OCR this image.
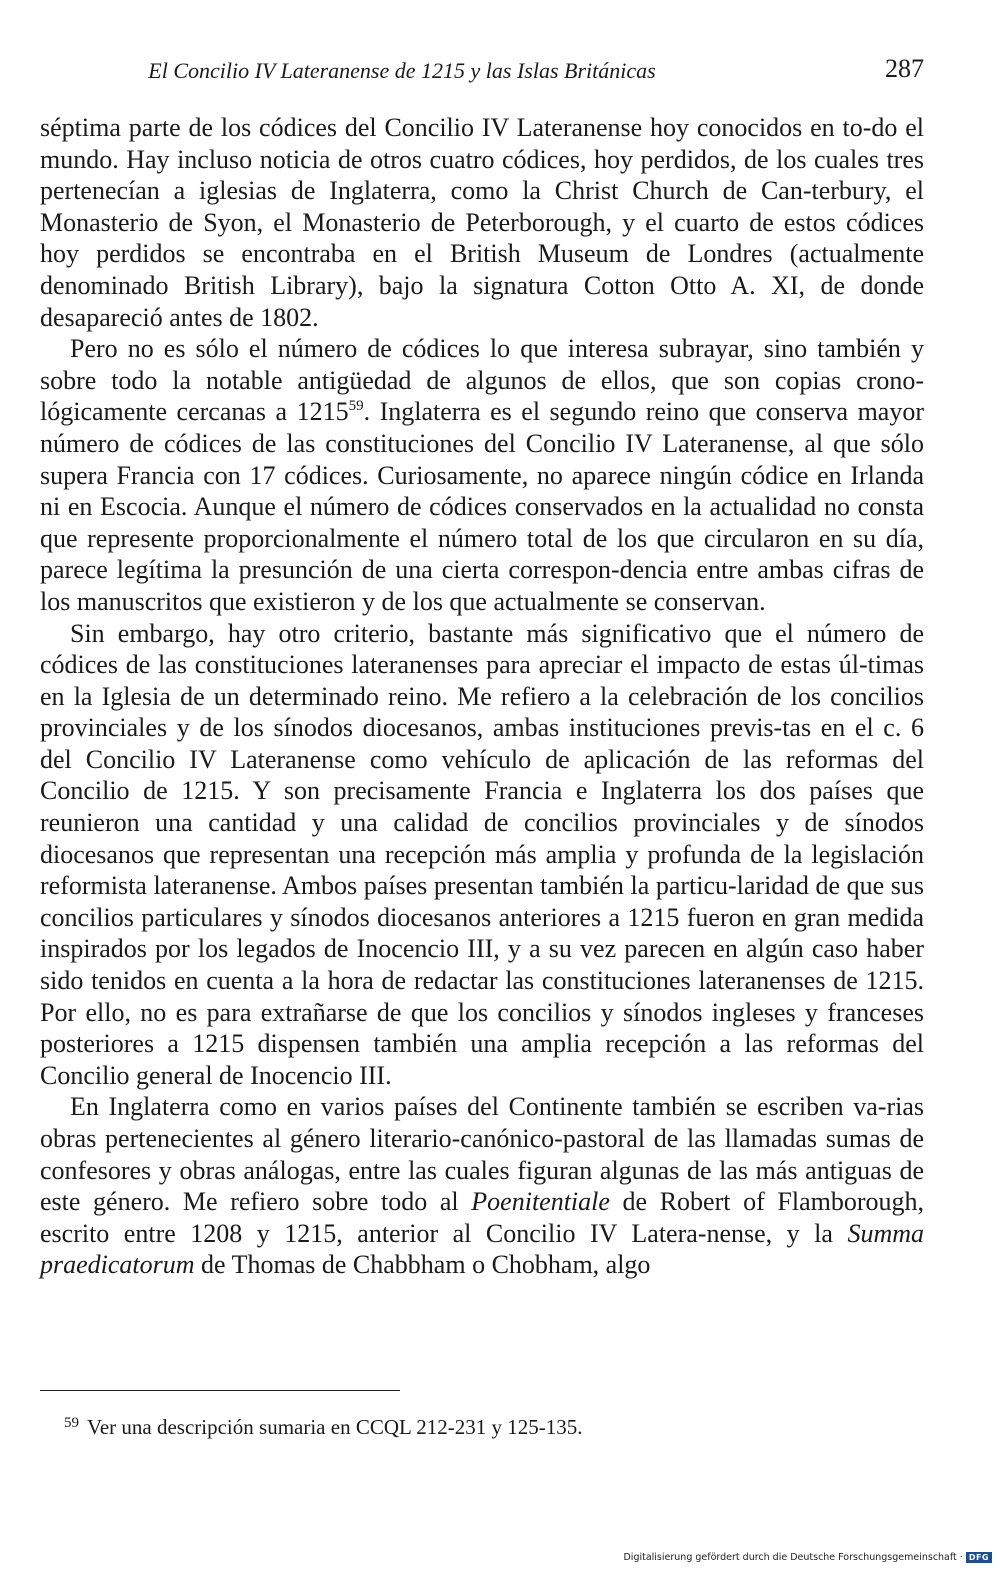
El Concilio IV Lateranense de 1215 y las Islas Británicas	287

séptima parte de los códices del Concilio IV Lateranense hoy conocidos en to-do el mundo. Hay incluso noticia de otros cuatro códices, hoy perdidos, de los cuales tres pertenecían a iglesias de Inglaterra, como la Christ Church de Can-terbury, el Monasterio de Syon, el Monasterio de Peterborough, y el cuarto de estos códices hoy perdidos se encontraba en el British Museum de Londres (actualmente denominado British Library), bajo la signatura Cotton Otto A. XI, de donde desapareció antes de 1802.

Pero no es sólo el número de códices lo que interesa subrayar, sino también y sobre todo la notable antigüedad de algunos de ellos, que son copias crono-lógicamente cercanas a 1215$^{59}$. Inglaterra es el segundo reino que conserva mayor número de códices de las constituciones del Concilio IV Lateranense, al que sólo supera Francia con 17 códices. Curiosamente, no aparece ningún códice en Irlanda ni en Escocia. Aunque el número de códices conservados en la actualidad no consta que represente proporcionalmente el número total de los que circularon en su día, parece legítima la presunción de una cierta correspon-dencia entre ambas cifras de los manuscritos que existieron y de los que actualmente se conservan.

Sin embargo, hay otro criterio, bastante más significativo que el número de códices de las constituciones lateranenses para apreciar el impacto de estas úl-timas en la Iglesia de un determinado reino. Me refiero a la celebración de los concilios provinciales y de los sínodos diocesanos, ambas instituciones previs-tas en el c. 6 del Concilio IV Lateranense como vehículo de aplicación de las reformas del Concilio de 1215. Y son precisamente Francia e Inglaterra los dos países que reunieron una cantidad y una calidad de concilios provinciales y de sínodos diocesanos que representan una recepción más amplia y profunda de la legislación reformista lateranense. Ambos países presentan también la particu-laridad de que sus concilios particulares y sínodos diocesanos anteriores a 1215 fueron en gran medida inspirados por los legados de Inocencio III, y a su vez parecen en algún caso haber sido tenidos en cuenta a la hora de redactar las constituciones lateranenses de 1215. Por ello, no es para extrañarse de que los concilios y sínodos ingleses y franceses posteriores a 1215 dispensen también una amplia recepción a las reformas del Concilio general de Inocencio III.

En Inglaterra como en varios países del Continente también se escriben va-rias obras pertenecientes al género literario-canónico-pastoral de las llamadas sumas de confesores y obras análogas, entre las cuales figuran algunas de las más antiguas de este género. Me refiero sobre todo al Poenitentiale de Robert of Flamborough, escrito entre 1208 y 1215, anterior al Concilio IV Latera-nense, y la Summa praedicatorum de Thomas de Chabbham o Chobham, algo

$^{59}$ Ver una descripción sumaria en CCQL 212-231 y 125-135.
Digitalisierung gefördert durch die Deutsche Forschungsgemeinschaft · DFG
